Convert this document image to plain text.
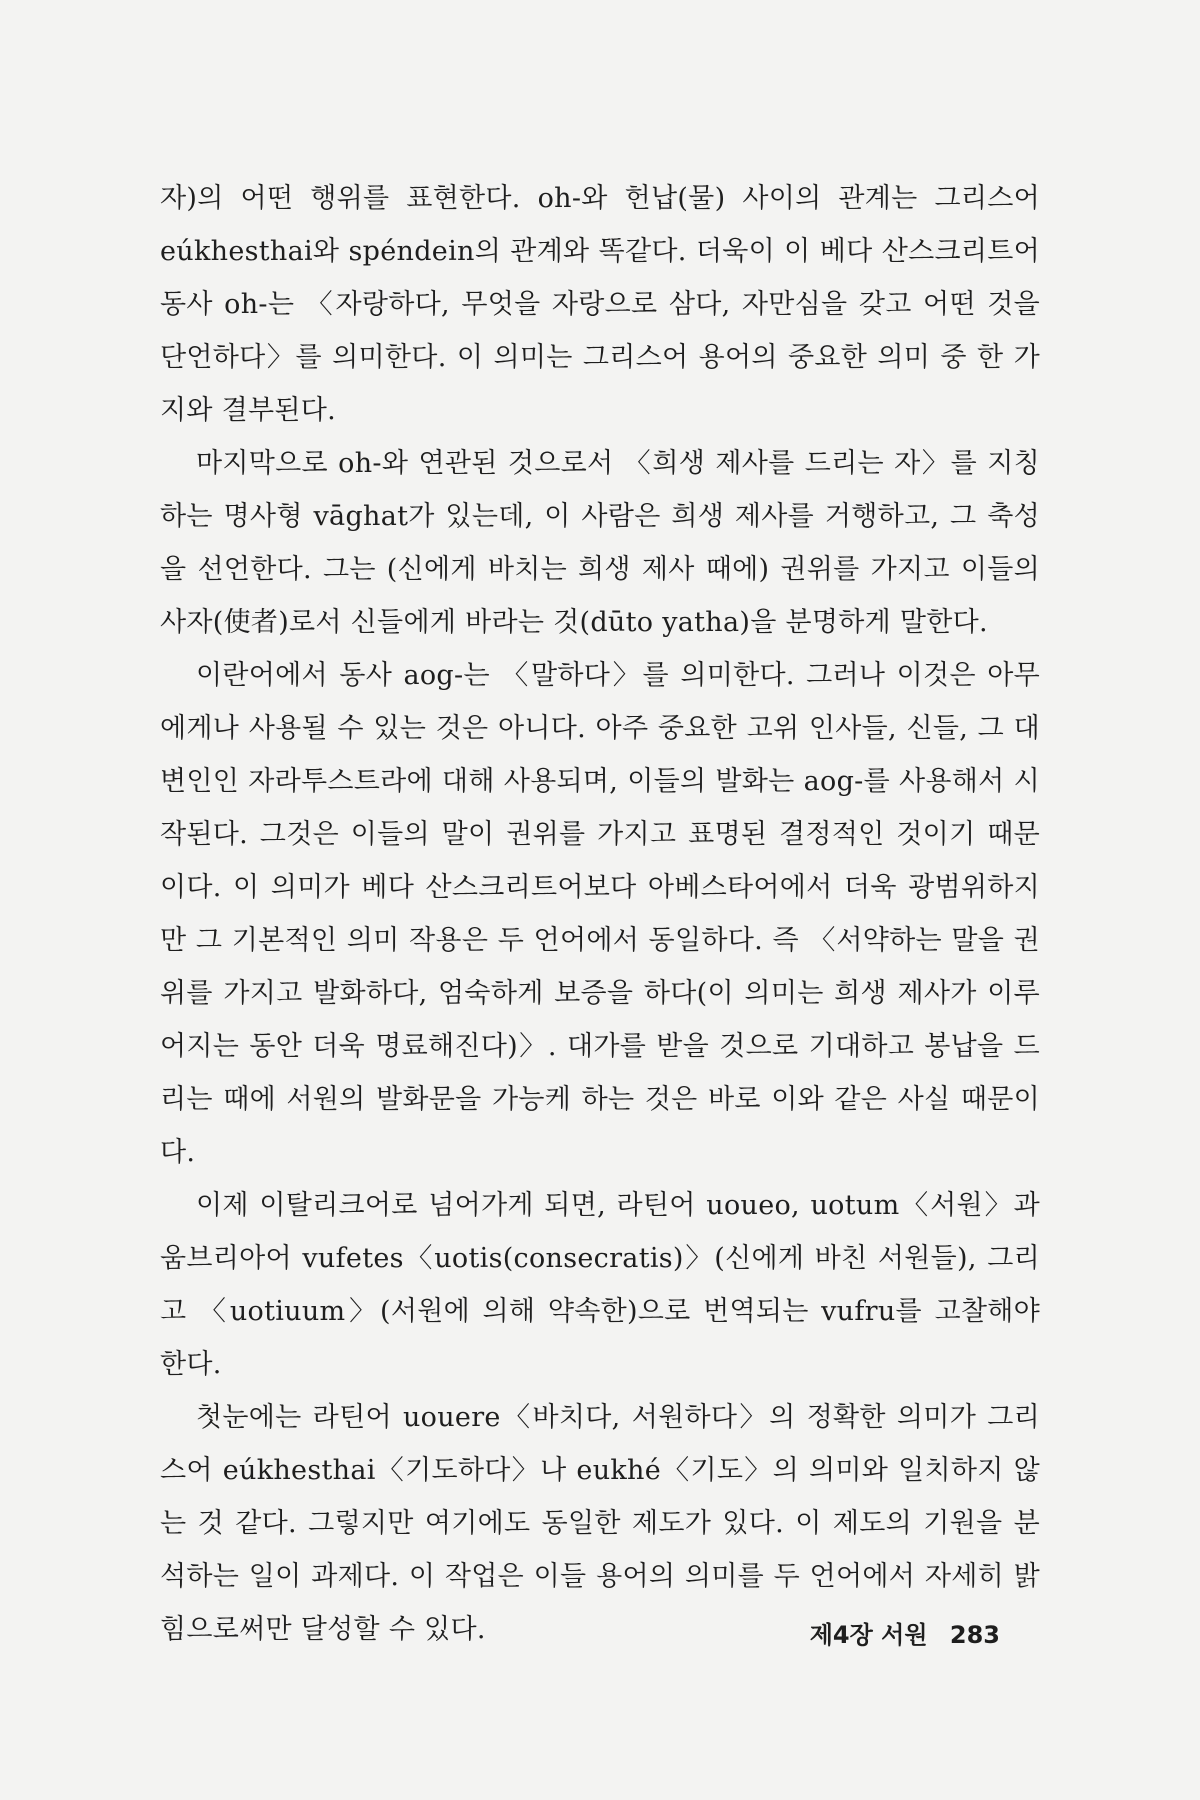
자)의 어떤 행위를 표현한다. oh-와 헌납(물) 사이의 관계는 그리스어 eúkhesthai와 spéndein의 관계와 똑같다. 더욱이 이 베다 산스크리트어 동사 oh-는 〈자랑하다, 무엇을 자랑으로 삼다, 자만심을 갖고 어떤 것을 단언하다〉를 의미한다. 이 의미는 그리스어 용어의 중요한 의미 중 한 가지와 결부된다.

마지막으로 oh-와 연관된 것으로서 〈희생 제사를 드리는 자〉를 지칭하는 명사형 vāghat가 있는데, 이 사람은 희생 제사를 거행하고, 그 축성을 선언한다. 그는 (신에게 바치는 희생 제사 때에) 권위를 가지고 이들의 사자(使者)로서 신들에게 바라는 것(dūto yatha)을 분명하게 말한다.

이란어에서 동사 aog-는 〈말하다〉를 의미한다. 그러나 이것은 아무에게나 사용될 수 있는 것은 아니다. 아주 중요한 고위 인사들, 신들, 그 대변인인 자라투스트라에 대해 사용되며, 이들의 발화는 aog-를 사용해서 시작된다. 그것은 이들의 말이 권위를 가지고 표명된 결정적인 것이기 때문이다. 이 의미가 베다 산스크리트어보다 아베스타어에서 더욱 광범위하지만 그 기본적인 의미 작용은 두 언어에서 동일하다. 즉 〈서약하는 말을 권위를 가지고 발화하다, 엄숙하게 보증을 하다(이 의미는 희생 제사가 이루어지는 동안 더욱 명료해진다)〉. 대가를 받을 것으로 기대하고 봉납을 드리는 때에 서원의 발화문을 가능케 하는 것은 바로 이와 같은 사실 때문이다.

이제 이탈리크어로 넘어가게 되면, 라틴어 uoueo, uotum〈서원〉과 움브리아어 vufetes〈uotis(consecratis)〉(신에게 바친 서원들), 그리고 〈uotiuum〉(서원에 의해 약속한)으로 번역되는 vufru를 고찰해야 한다.

첫눈에는 라틴어 uouere〈바치다, 서원하다〉의 정확한 의미가 그리스어 eúkhesthai〈기도하다〉나 eukhé〈기도〉의 의미와 일치하지 않는 것 같다. 그렇지만 여기에도 동일한 제도가 있다. 이 제도의 기원을 분석하는 일이 과제다. 이 작업은 이들 용어의 의미를 두 언어에서 자세히 밝힘으로써만 달성할 수 있다.	제4장 서원 283
